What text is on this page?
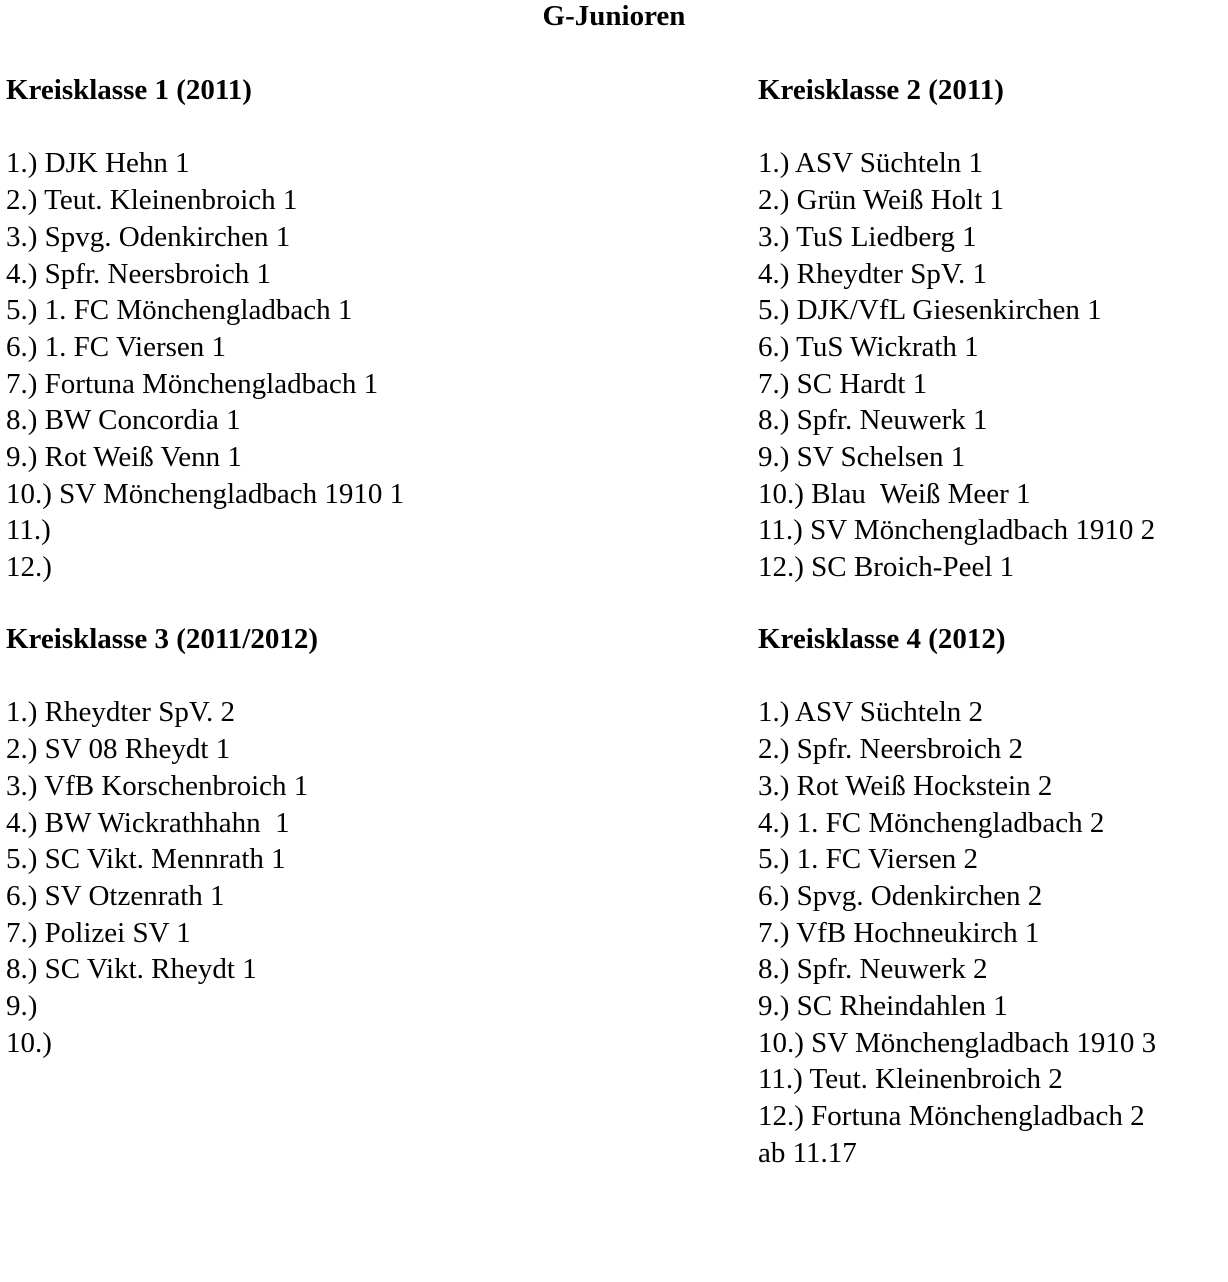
G-Junioren
Kreisklasse 1 (2011)
1.) DJK Hehn 1
2.) Teut. Kleinenbroich 1
3.) Spvg. Odenkirchen 1
4.) Spfr. Neersbroich 1
5.) 1. FC Mönchengladbach 1
6.) 1. FC Viersen 1
7.) Fortuna Mönchengladbach 1
8.) BW Concordia 1
9.) Rot Weiß Venn 1
10.) SV Mönchengladbach 1910 1
11.)
12.)
Kreisklasse 2 (2011)
1.) ASV Süchteln 1
2.) Grün Weiß Holt 1
3.) TuS Liedberg 1
4.) Rheydter SpV. 1
5.) DJK/VfL Giesenkirchen 1
6.) TuS Wickrath 1
7.) SC Hardt 1
8.) Spfr. Neuwerk 1
9.) SV Schelsen 1
10.) Blau  Weiß Meer 1
11.) SV Mönchengladbach 1910 2
12.) SC Broich-Peel 1
Kreisklasse 3 (2011/2012)
1.) Rheydter SpV. 2
2.) SV 08 Rheydt 1
3.) VfB Korschenbroich 1
4.) BW Wickrathhahn  1
5.) SC Vikt. Mennrath 1
6.) SV Otzenrath 1
7.) Polizei SV 1
8.) SC Vikt. Rheydt 1
9.)
10.)
Kreisklasse 4 (2012)
1.) ASV Süchteln 2
2.) Spfr. Neersbroich 2
3.) Rot Weiß Hockstein 2
4.) 1. FC Mönchengladbach 2
5.) 1. FC Viersen 2
6.) Spvg. Odenkirchen 2
7.) VfB Hochneukirch 1
8.) Spfr. Neuwerk 2
9.) SC Rheindahlen 1
10.) SV Mönchengladbach 1910 3
11.) Teut. Kleinenbroich 2
12.) Fortuna Mönchengladbach 2
ab 11.17
